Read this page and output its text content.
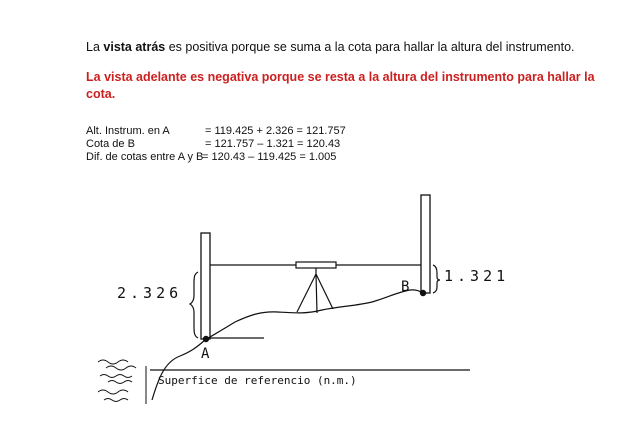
La vista atrás es positiva porque se suma a la cota para hallar la altura del instrumento.
La vista adelante es negativa porque se resta a la altura del instrumento para hallar la cota.
Alt. Instrum. en A	= 119.425 + 2.326 = 121.757
Cota de B	= 121.757 – 1.321 = 120.43
Dif. de cotas entre A y B
= 120.43 – 119.425 = 1.005
2.326
1.321
A
B
Superfice de referencio (n.m.)
